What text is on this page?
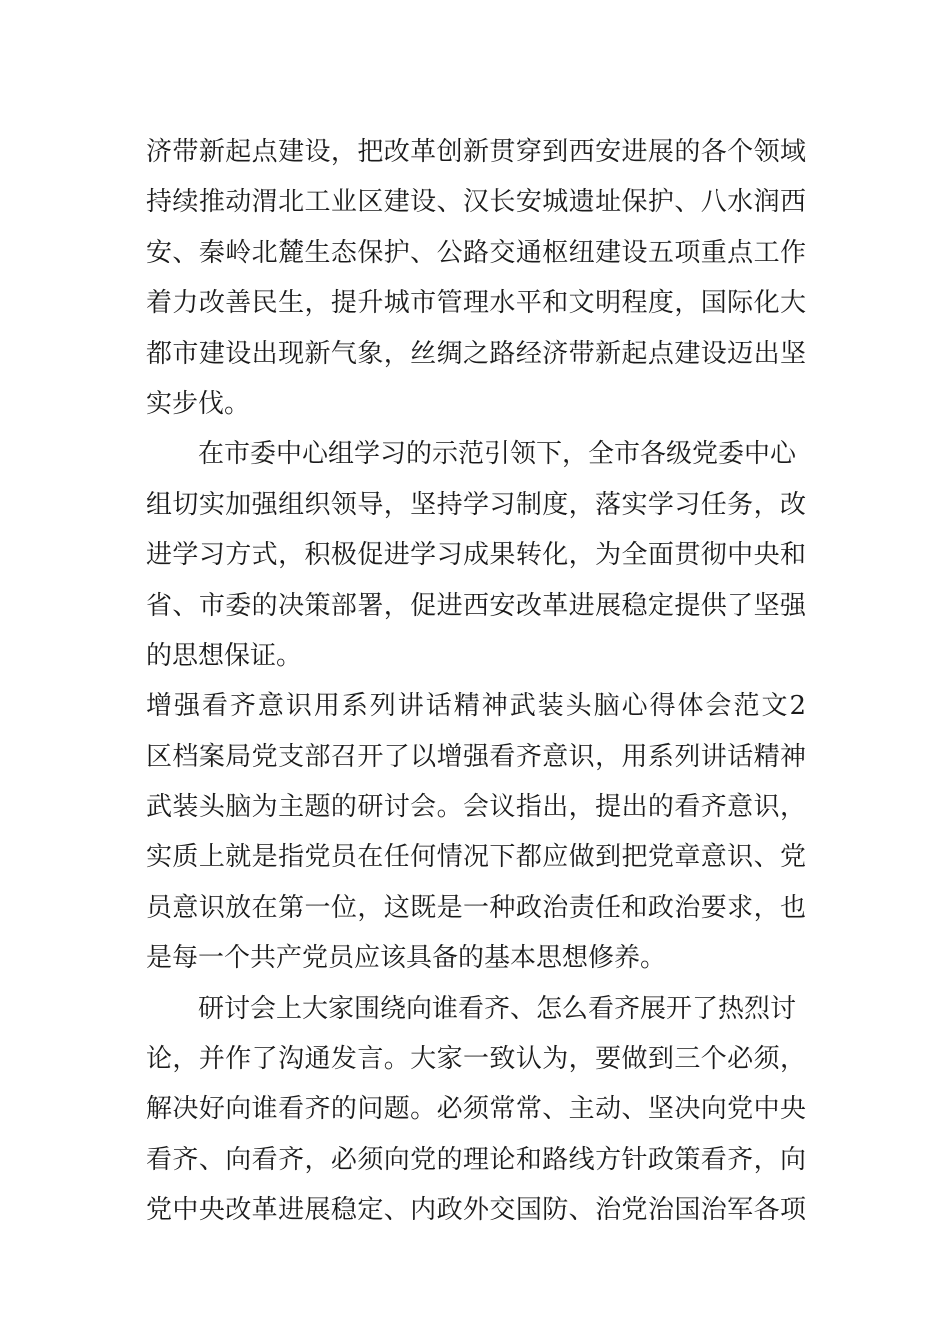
济带新起点建设，把改革创新贯穿到西安进展的各个领域
持续推动渭北工业区建设、汉长安城遗址保护、八水润西
安、秦岭北麓生态保护、公路交通枢纽建设五项重点工作
着力改善民生，提升城市管理水平和文明程度，国际化大
都市建设出现新气象，丝绸之路经济带新起点建设迈出坚
实步伐。
在市委中心组学习的示范引领下，全市各级党委中心
组切实加强组织领导，坚持学习制度，落实学习任务，改
进学习方式，积极促进学习成果转化，为全面贯彻中央和
省、市委的决策部署，促进西安改革进展稳定提供了坚强
的思想保证。
增强看齐意识用系列讲话精神武装头脑心得体会范文2
区档案局党支部召开了以增强看齐意识，用系列讲话精神
武装头脑为主题的研讨会。会议指出，提出的看齐意识，
实质上就是指党员在任何情况下都应做到把党章意识、党
员意识放在第一位，这既是一种政治责任和政治要求，也
是每一个共产党员应该具备的基本思想修养。
研讨会上大家围绕向谁看齐、怎么看齐展开了热烈讨
论，并作了沟通发言。大家一致认为，要做到三个必须，
解决好向谁看齐的问题。必须常常、主动、坚决向党中央
看齐、向看齐，必须向党的理论和路线方针政策看齐，向
党中央改革进展稳定、内政外交国防、治党治国治军各项
